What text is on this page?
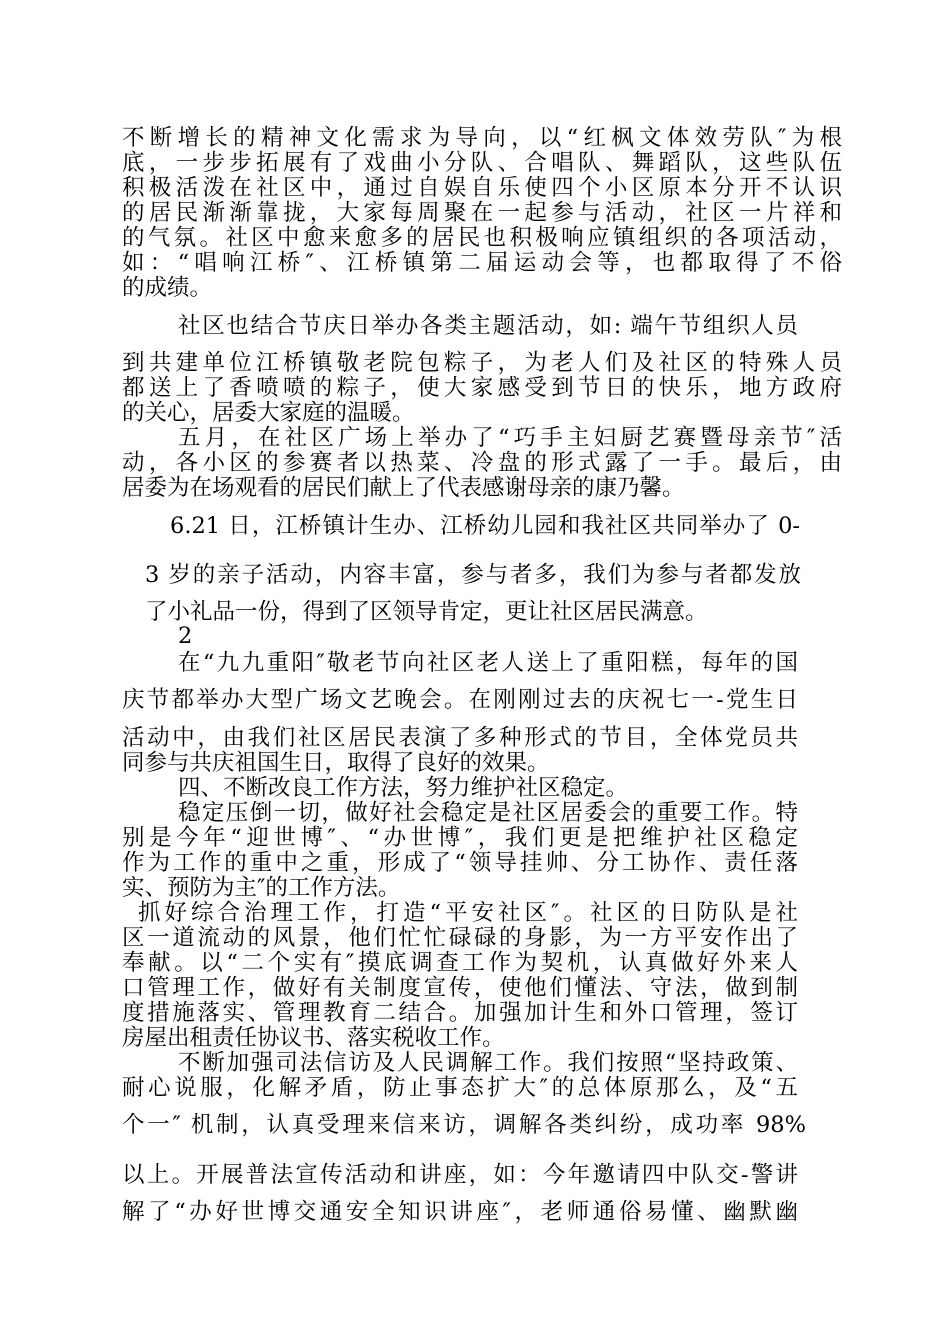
不断增长的精神文化需求为导向，以“红枫文体效劳队″为根
底，一步步拓展有了戏曲小分队、合唱队、舞蹈队，这些队伍
积极活泼在社区中，通过自娱自乐使四个小区原本分开不认识
的居民渐渐靠拢，大家每周聚在一起参与活动，社区一片祥和
的气氛。社区中愈来愈多的居民也积极响应镇组织的各项活动，
如：“唱响江桥″、江桥镇第二届运动会等，也都取得了不俗
的成绩。
社区也结合节庆日举办各类主题活动，如: 端午节组织人员
到共建单位江桥镇敬老院包粽子，为老人们及社区的特殊人员
都送上了香喷喷的粽子，使大家感受到节日的快乐，地方政府
的关心，居委大家庭的温暖。
五月，在社区广场上举办了“巧手主妇厨艺赛暨母亲节″活
动，各小区的参赛者以热菜、冷盘的形式露了一手。最后，由
居委为在场观看的居民们献上了代表感谢母亲的康乃馨。
6.21 日，江桥镇计生办、江桥幼儿园和我社区共同举办了 0-
3 岁的亲子活动，内容丰富，参与者多，我们为参与者都发放
了小礼品一份，得到了区领导肯定，更让社区居民满意。
2
在“九九重阳″敬老节向社区老人送上了重阳糕，每年的国
庆节都举办大型广场文艺晚会。在刚刚过去的庆祝七一-党生日
活动中，由我们社区居民表演了多种形式的节目，全体党员共
同参与共庆祖国生日，取得了良好的效果。
四、不断改良工作方法，努力维护社区稳定。
稳定压倒一切，做好社会稳定是社区居委会的重要工作。特
别是今年“迎世博″、“办世博″，我们更是把维护社区稳定
作为工作的重中之重，形成了“领导挂帅、分工协作、责任落
实、预防为主″的工作方法。
抓好综合治理工作，打造“平安社区″。社区的日防队是社
区一道流动的风景，他们忙忙碌碌的身影，为一方平安作出了
奉献。以“二个实有″摸底调查工作为契机，认真做好外来人
口管理工作，做好有关制度宣传，使他们懂法、守法，做到制
度措施落实、管理教育二结合。加强加计生和外口管理，签订
房屋出租责任协议书、落实税收工作。
不断加强司法信访及人民调解工作。我们按照“坚持政策、
耐心说服，化解矛盾，防止事态扩大″的总体原那么，及“五
个一″ 机制，认真受理来信来访，调解各类纠纷，成功率 98%
以上。开展普法宣传活动和讲座，如：今年邀请四中队交-警讲
解了“办好世博交通安全知识讲座″，老师通俗易懂、幽默幽
